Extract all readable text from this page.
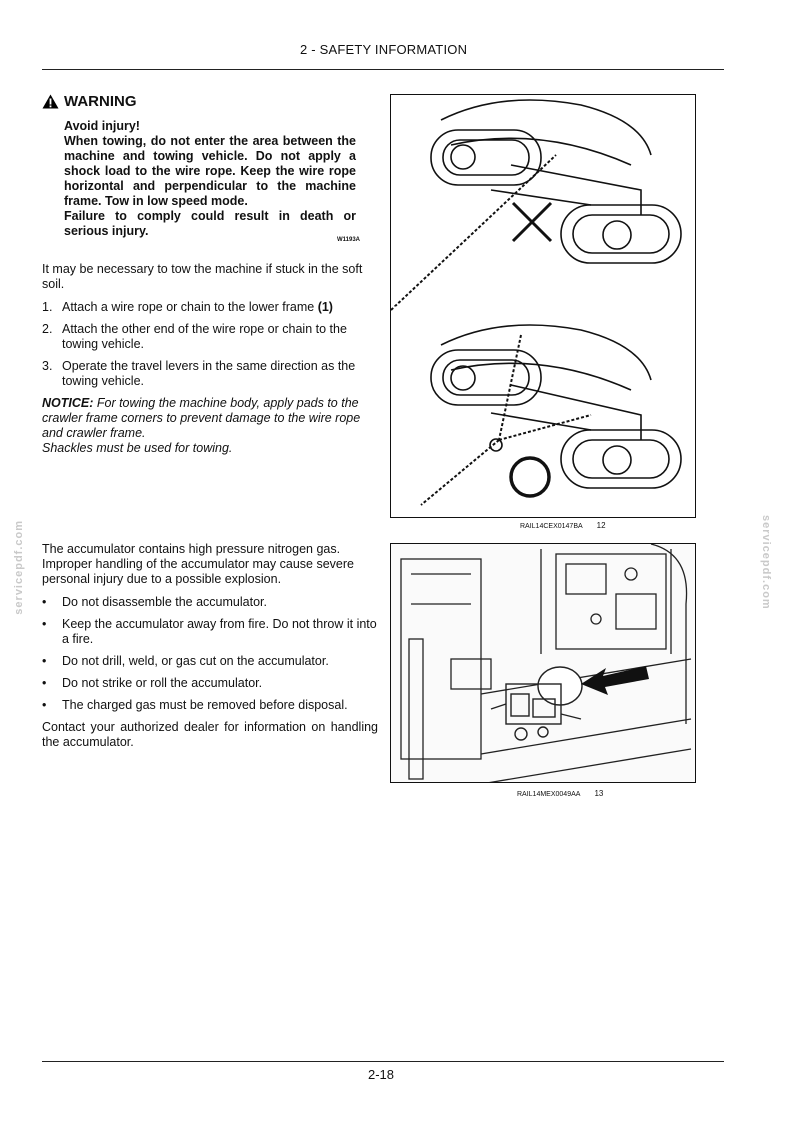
2 - SAFETY INFORMATION
WARNING

Avoid injury!

When towing, do not enter the area between the machine and towing vehicle. Do not apply a shock load to the wire rope. Keep the wire rope horizontal and perpendicular to the machine frame. Tow in low speed mode.

Failure to comply could result in death or serious injury.

W1193A

It may be necessary to tow the machine if stuck in the soft soil.

1. Attach a wire rope or chain to the lower frame (1)
2. Attach the other end of the wire rope or chain to the towing vehicle.
3. Operate the travel levers in the same direction as the towing vehicle.
NOTICE: For towing the machine body, apply pads to the crawler frame corners to prevent damage to the wire rope and crawler frame.
Shackles must be used for towing.
RAIL14CEX0147BA 12

The accumulator contains high pressure nitrogen gas. Improper handling of the accumulator may cause severe personal injury due to a possible explosion.

• Do not disassemble the accumulator.
• Keep the accumulator away from fire. Do not throw it into a fire.
• Do not drill, weld, or gas cut on the accumulator.
• Do not strike or roll the accumulator.
• The charged gas must be removed before disposal.

Contact your authorized dealer for information on handling the accumulator.

RAIL14MEX0049AA 13
servicepdf.com	servicepdf.com
2-18
